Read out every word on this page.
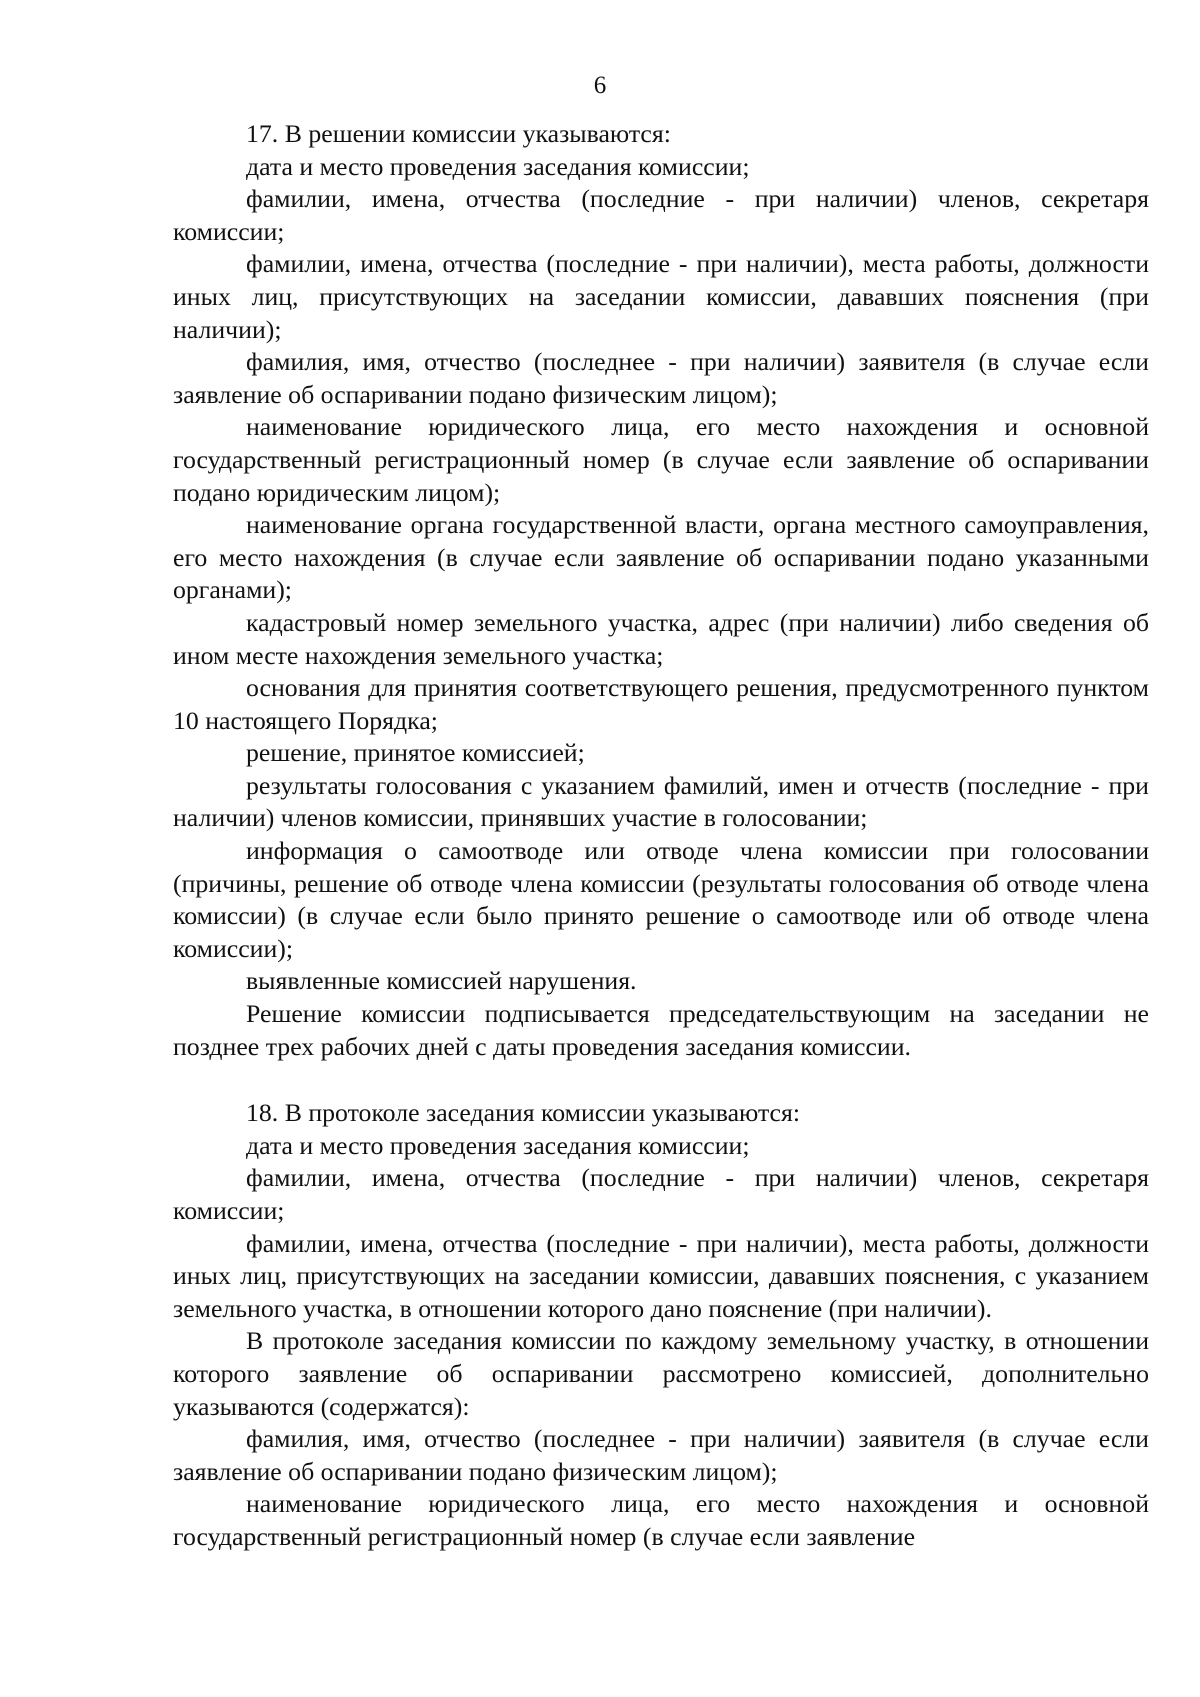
6

17. В решении комиссии указываются:

дата и место проведения заседания комиссии;

фамилии, имена, отчества (последние - при наличии) членов, секретаря комиссии;

фамилии, имена, отчества (последние - при наличии), места работы, должности иных лиц, присутствующих на заседании комиссии, дававших пояснения (при наличии);

фамилия, имя, отчество (последнее - при наличии) заявителя (в случае если заявление об оспаривании подано физическим лицом);

наименование юридического лица, его место нахождения и основной государственный регистрационный номер (в случае если заявление об оспаривании подано юридическим лицом);

наименование органа государственной власти, органа местного самоуправления, его место нахождения (в случае если заявление об оспаривании подано указанными органами);

кадастровый номер земельного участка, адрес (при наличии) либо сведения об ином месте нахождения земельного участка;

основания для принятия соответствующего решения, предусмотренного пунктом 10 настоящего Порядка;

решение, принятое комиссией;

результаты голосования с указанием фамилий, имен и отчеств (последние - при наличии) членов комиссии, принявших участие в голосовании;

информация о самоотводе или отводе члена комиссии при голосовании (причины, решение об отводе члена комиссии (результаты голосования об отводе члена комиссии) (в случае если было принято решение о самоотводе или об отводе члена комиссии);

выявленные комиссией нарушения.

Решение комиссии подписывается председательствующим на заседании не позднее трех рабочих дней с даты проведения заседания комиссии.

18. В протоколе заседания комиссии указываются:

дата и место проведения заседания комиссии;

фамилии, имена, отчества (последние - при наличии) членов, секретаря комиссии;

фамилии, имена, отчества (последние - при наличии), места работы, должности иных лиц, присутствующих на заседании комиссии, дававших пояснения, с указанием земельного участка, в отношении которого дано пояснение (при наличии).

В протоколе заседания комиссии по каждому земельному участку, в отношении которого заявление об оспаривании рассмотрено комиссией, дополнительно указываются (содержатся):

фамилия, имя, отчество (последнее - при наличии) заявителя (в случае если заявление об оспаривании подано физическим лицом);

наименование юридического лица, его место нахождения и основной государственный регистрационный номер (в случае если заявление
